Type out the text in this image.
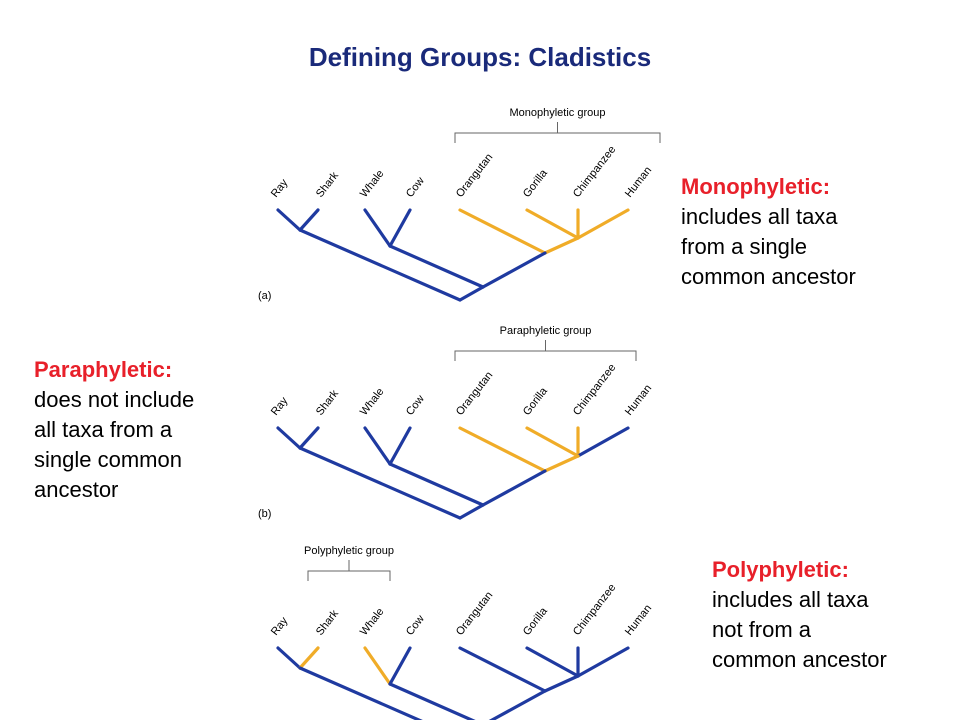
Defining Groups: Cladistics
Monophyletic:
includes all taxa
from a single
common ancestor
Paraphyletic:
does not include
all taxa from a
single common
ancestor
Polyphyletic:
includes all taxa
not from a
common ancestor
Ray Shark Whale Cow Orangutan Gorilla Chimpanzee Human
Monophyletic group
(a)
Ray Shark Whale Cow Orangutan Gorilla Chimpanzee Human
Paraphyletic group
(b)
Ray Shark Whale Cow Orangutan Gorilla Chimpanzee Human
Polyphyletic group
